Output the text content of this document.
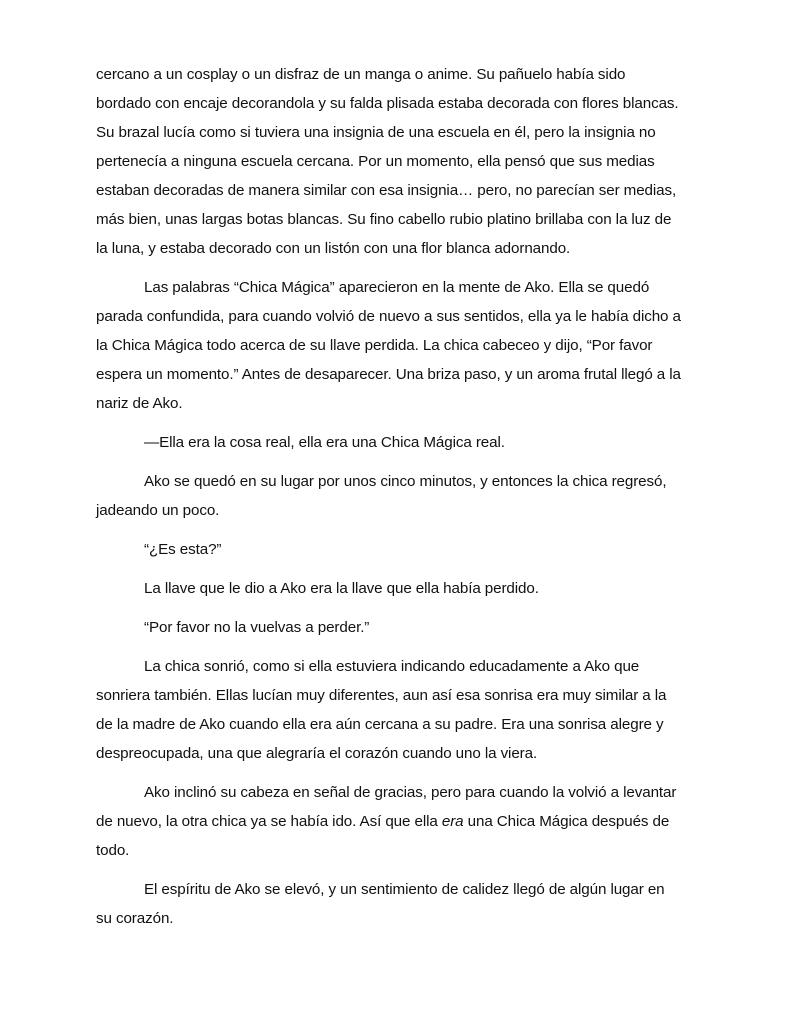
cercano a un cosplay o un disfraz de un manga o anime. Su pañuelo había sido bordado con encaje decorandola y su falda plisada estaba decorada con flores blancas. Su brazal lucía como si tuviera una insignia de una escuela en él, pero la insignia no pertenecía a ninguna escuela cercana. Por un momento, ella pensó que sus medias estaban decoradas de manera similar con esa insignia… pero, no parecían ser medias, más bien, unas largas botas blancas. Su fino cabello rubio platino brillaba con la luz de la luna, y estaba decorado con un listón con una flor blanca adornando.

Las palabras “Chica Mágica” aparecieron en la mente de Ako. Ella se quedó parada confundida, para cuando volvió de nuevo a sus sentidos, ella ya le había dicho a la Chica Mágica todo acerca de su llave perdida. La chica cabeceo y dijo, “Por favor espera un momento.” Antes de desaparecer. Una briza paso, y un aroma frutal llegó a la nariz de Ako.

—Ella era la cosa real, ella era una Chica Mágica real.

Ako se quedó en su lugar por unos cinco minutos, y entonces la chica regresó, jadeando un poco.

“¿Es esta?”

La llave que le dio a Ako era la llave que ella había perdido.

“Por favor no la vuelvas a perder.”

La chica sonrió, como si ella estuviera indicando educadamente a Ako que sonriera también. Ellas lucían muy diferentes, aun así esa sonrisa era muy similar a la de la madre de Ako cuando ella era aún cercana a su padre. Era una sonrisa alegre y despreocupada, una que alegraría el corazón cuando uno la viera.

Ako inclinó su cabeza en señal de gracias, pero para cuando la volvió a levantar de nuevo, la otra chica ya se había ido. Así que ella era una Chica Mágica después de todo.

El espíritu de Ako se elevó, y un sentimiento de calidez llegó de algún lugar en su corazón.
